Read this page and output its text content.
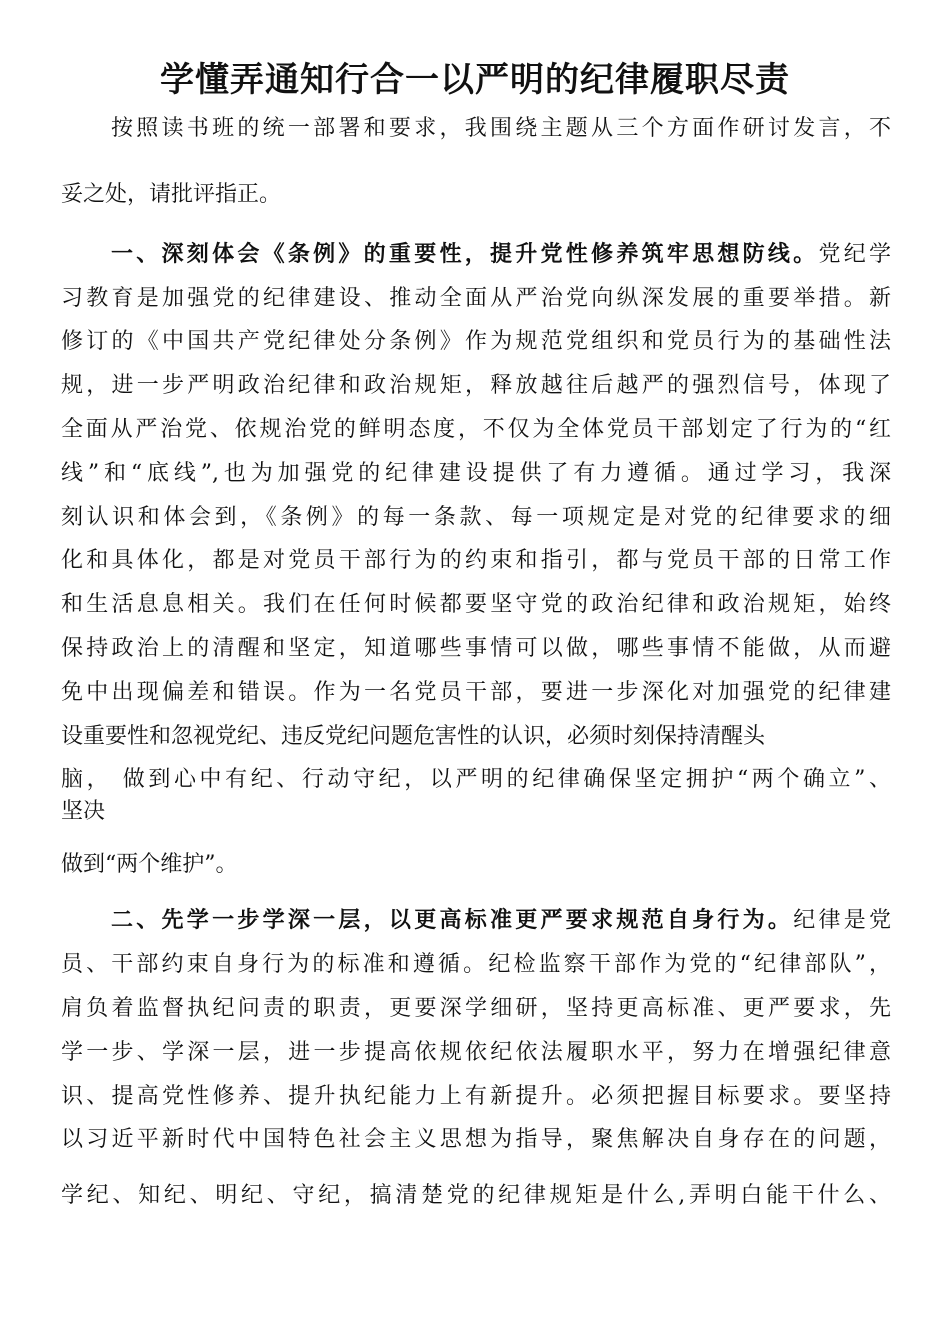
学懂弄通知行合一以严明的纪律履职尽责
按照读书班的统一部署和要求，我围绕主题从三个方面作研讨发言，不
妥之处，请批评指正。
一、深刻体会《条例》的重要性，提升党性修养筑牢思想防线。党纪学
习教育是加强党的纪律建设、推动全面从严治党向纵深发展的重要举措。新
修订的《中国共产党纪律处分条例》作为规范党组织和党员行为的基础性法
规，进一步严明政治纪律和政治规矩，释放越往后越严的强烈信号，体现了
全面从严治党、依规治党的鲜明态度，不仅为全体党员干部划定了行为的“红
线”和“底线”,也为加强党的纪律建设提供了有力遵循。通过学习，我深
刻认识和体会到，《条例》的每一条款、每一项规定是对党的纪律要求的细
化和具体化，都是对党员干部行为的约束和指引，都与党员干部的日常工作
和生活息息相关。我们在任何时候都要坚守党的政治纪律和政治规矩，始终
保持政治上的清醒和坚定，知道哪些事情可以做，哪些事情不能做，从而避
免中出现偏差和错误。作为一名党员干部，要进一步深化对加强党的纪律建
设重要性和忽视党纪、违反党纪问题危害性的认识，必须时刻保持清醒头
脑， 做到心中有纪、行动守纪，以严明的纪律确保坚定拥护“两个确立”、
坚决
做到“两个维护”。
二、先学一步学深一层，以更高标准更严要求规范自身行为。纪律是党
员、干部约束自身行为的标准和遵循。纪检监察干部作为党的“纪律部队”，
肩负着监督执纪问责的职责，更要深学细研，坚持更高标准、更严要求，先
学一步、学深一层，进一步提高依规依纪依法履职水平，努力在增强纪律意
识、提高党性修养、提升执纪能力上有新提升。必须把握目标要求。要坚持
以习近平新时代中国特色社会主义思想为指导，聚焦解决自身存在的问题，
学纪、知纪、明纪、守纪，搞清楚党的纪律规矩是什么,弄明白能干什么、
